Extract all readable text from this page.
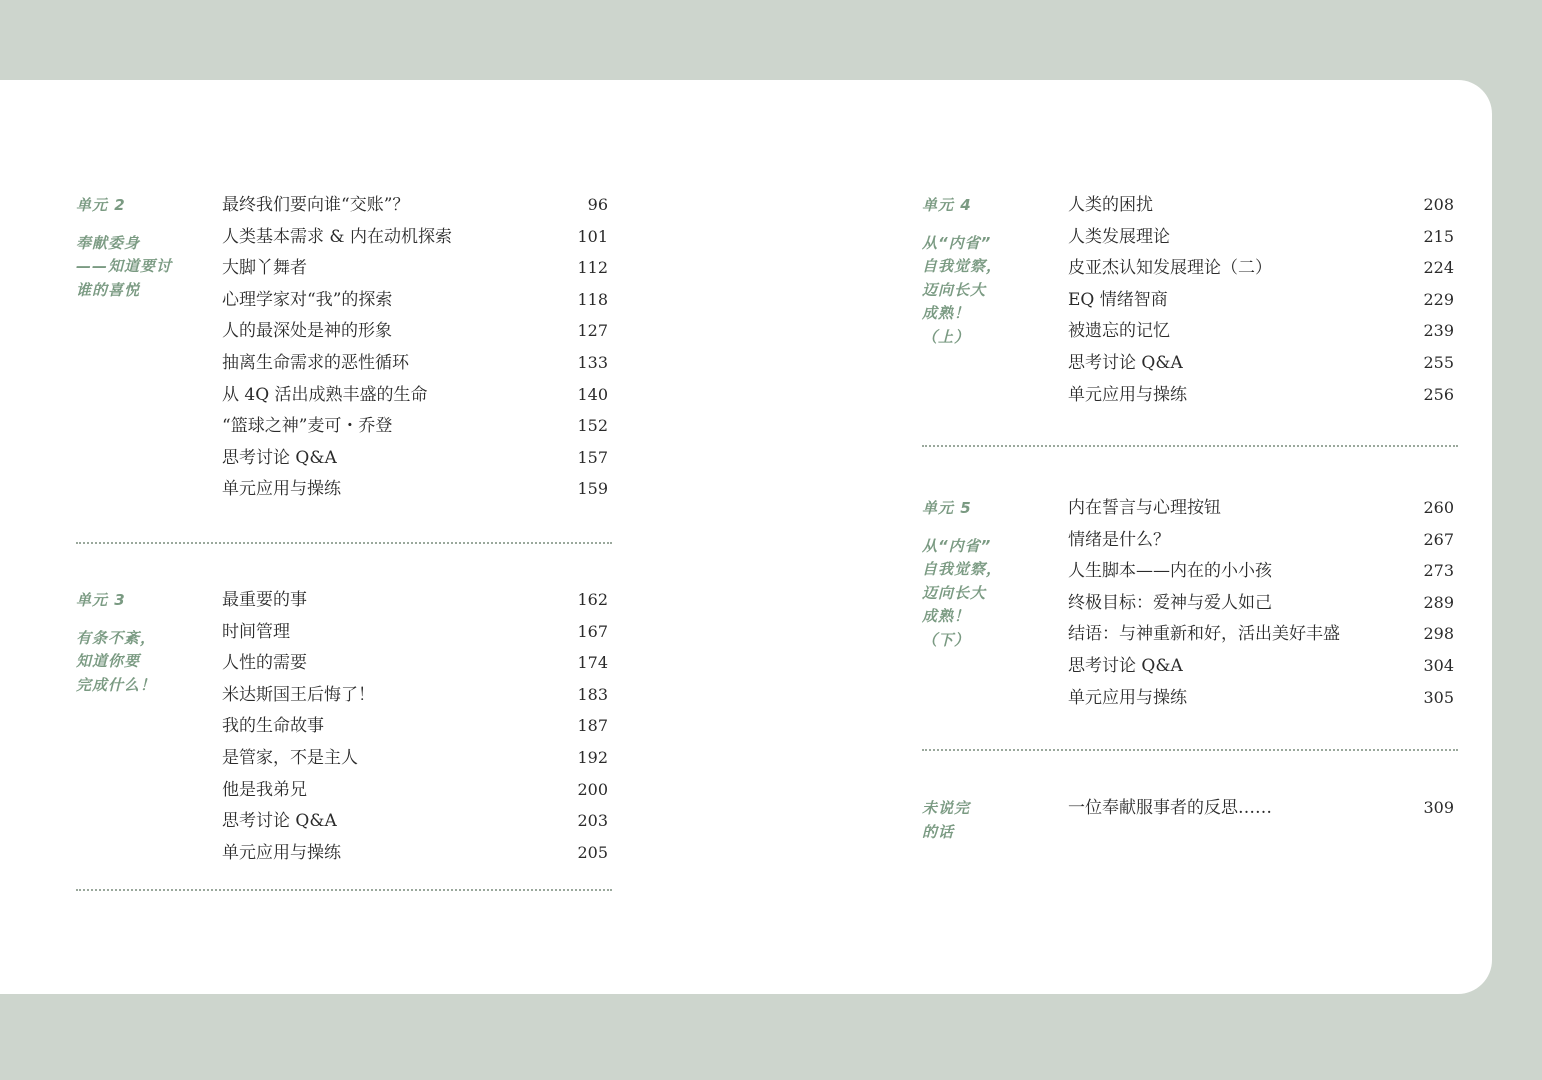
单元 2
奉献委身
——知道要讨
谁的喜悦
最终我们要向谁“交账”？	96
人类基本需求 & 内在动机探索	101
大脚丫舞者	112
心理学家对“我”的探索	118
人的最深处是神的形象	127
抽离生命需求的恶性循环	133
从 4Q 活出成熟丰盛的生命	140
“篮球之神”麦可・乔登	152
思考讨论 Q&A	157
单元应用与操练	159
单元 3
有条不紊，
知道你要
完成什么！
最重要的事	162
时间管理	167
人性的需要	174
米达斯国王后悔了！	183
我的生命故事	187
是管家，不是主人	192
他是我弟兄	200
思考讨论 Q&A	203
单元应用与操练	205
单元 4
从“内省”
自我觉察，
迈向长大
成熟！
（上）
人类的困扰	208
人类发展理论	215
皮亚杰认知发展理论（二）	224
EQ 情绪智商	229
被遗忘的记忆	239
思考讨论 Q&A	255
单元应用与操练	256
单元 5
从“内省”
自我觉察，
迈向长大
成熟！
（下）
内在誓言与心理按钮	260
情绪是什么？	267
人生脚本——内在的小小孩	273
终极目标：爱神与爱人如己	289
结语：与神重新和好，活出美好丰盛	298
思考讨论 Q&A	304
单元应用与操练	305
未说完
的话
一位奉献服事者的反思……	309
